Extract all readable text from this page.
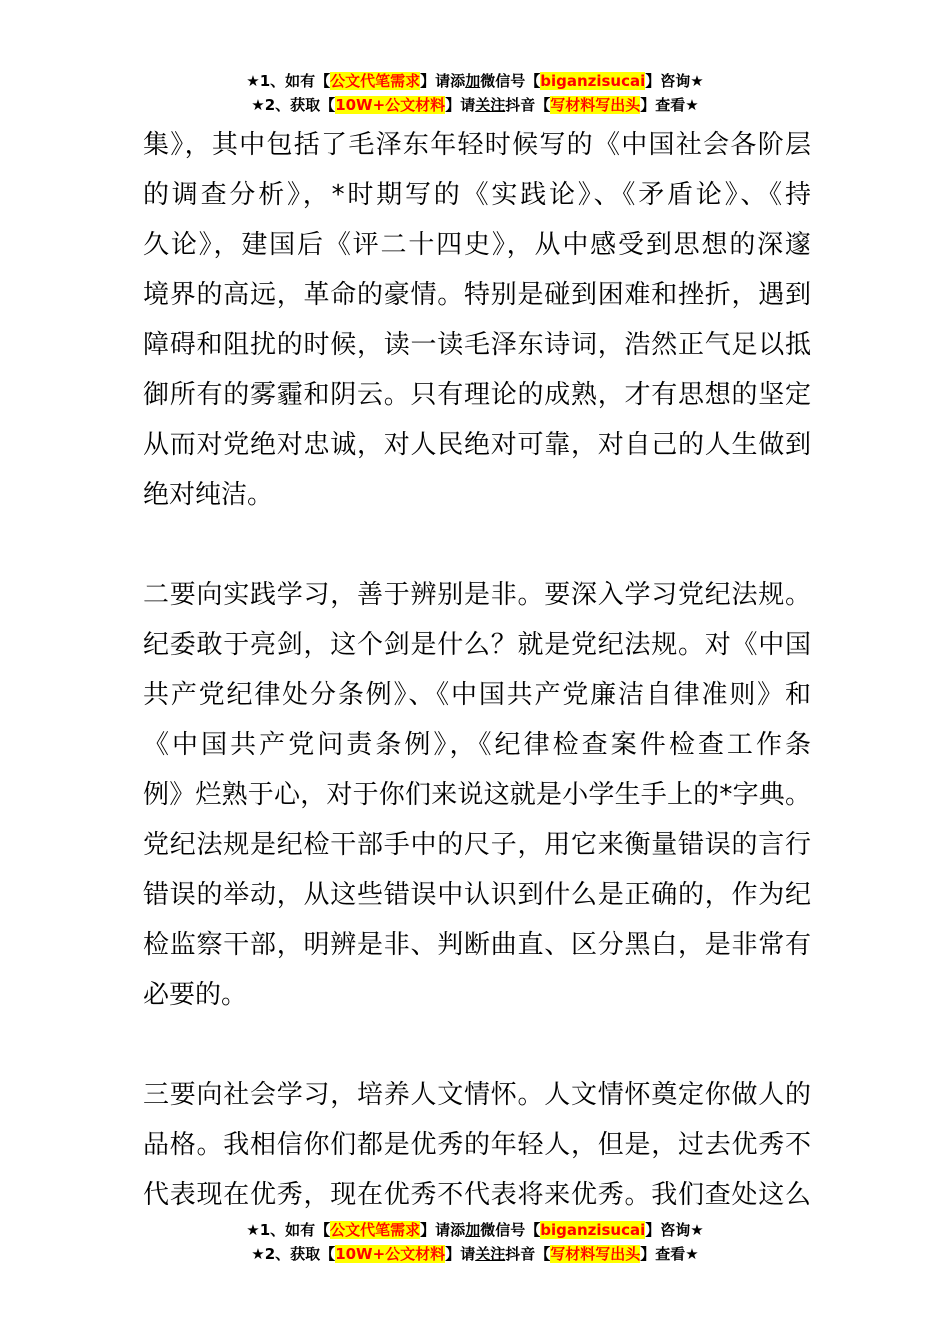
★1、如有【公文代笔需求】请添加微信号【biganzisucai】咨询★
★2、获取【10W+公文材料】请关注抖音【写材料写出头】查看★
集》，其中包括了毛泽东年轻时候写的《中国社会各阶层
的调查分析》，*时期写的《实践论》、《矛盾论》、《持
久论》，建国后《评二十四史》，从中感受到思想的深邃
境界的高远，革命的豪情。特别是碰到困难和挫折，遇到
障碍和阻扰的时候，读一读毛泽东诗词，浩然正气足以抵
御所有的雾霾和阴云。只有理论的成熟，才有思想的坚定
从而对党绝对忠诚，对人民绝对可靠，对自己的人生做到
绝对纯洁。
二要向实践学习，善于辨别是非。要深入学习党纪法规。
纪委敢于亮剑，这个剑是什么？就是党纪法规。对《中国
共产党纪律处分条例》、《中国共产党廉洁自律准则》和
《中国共产党问责条例》，《纪律检查案件检查工作条
例》烂熟于心，对于你们来说这就是小学生手上的*字典。
党纪法规是纪检干部手中的尺子，用它来衡量错误的言行
错误的举动，从这些错误中认识到什么是正确的，作为纪
检监察干部，明辨是非、判断曲直、区分黑白，是非常有
必要的。
三要向社会学习，培养人文情怀。人文情怀奠定你做人的
品格。我相信你们都是优秀的年轻人，但是，过去优秀不
代表现在优秀，现在优秀不代表将来优秀。我们查处这么
★1、如有【公文代笔需求】请添加微信号【biganzisucai】咨询★
★2、获取【10W+公文材料】请关注抖音【写材料写出头】查看★
